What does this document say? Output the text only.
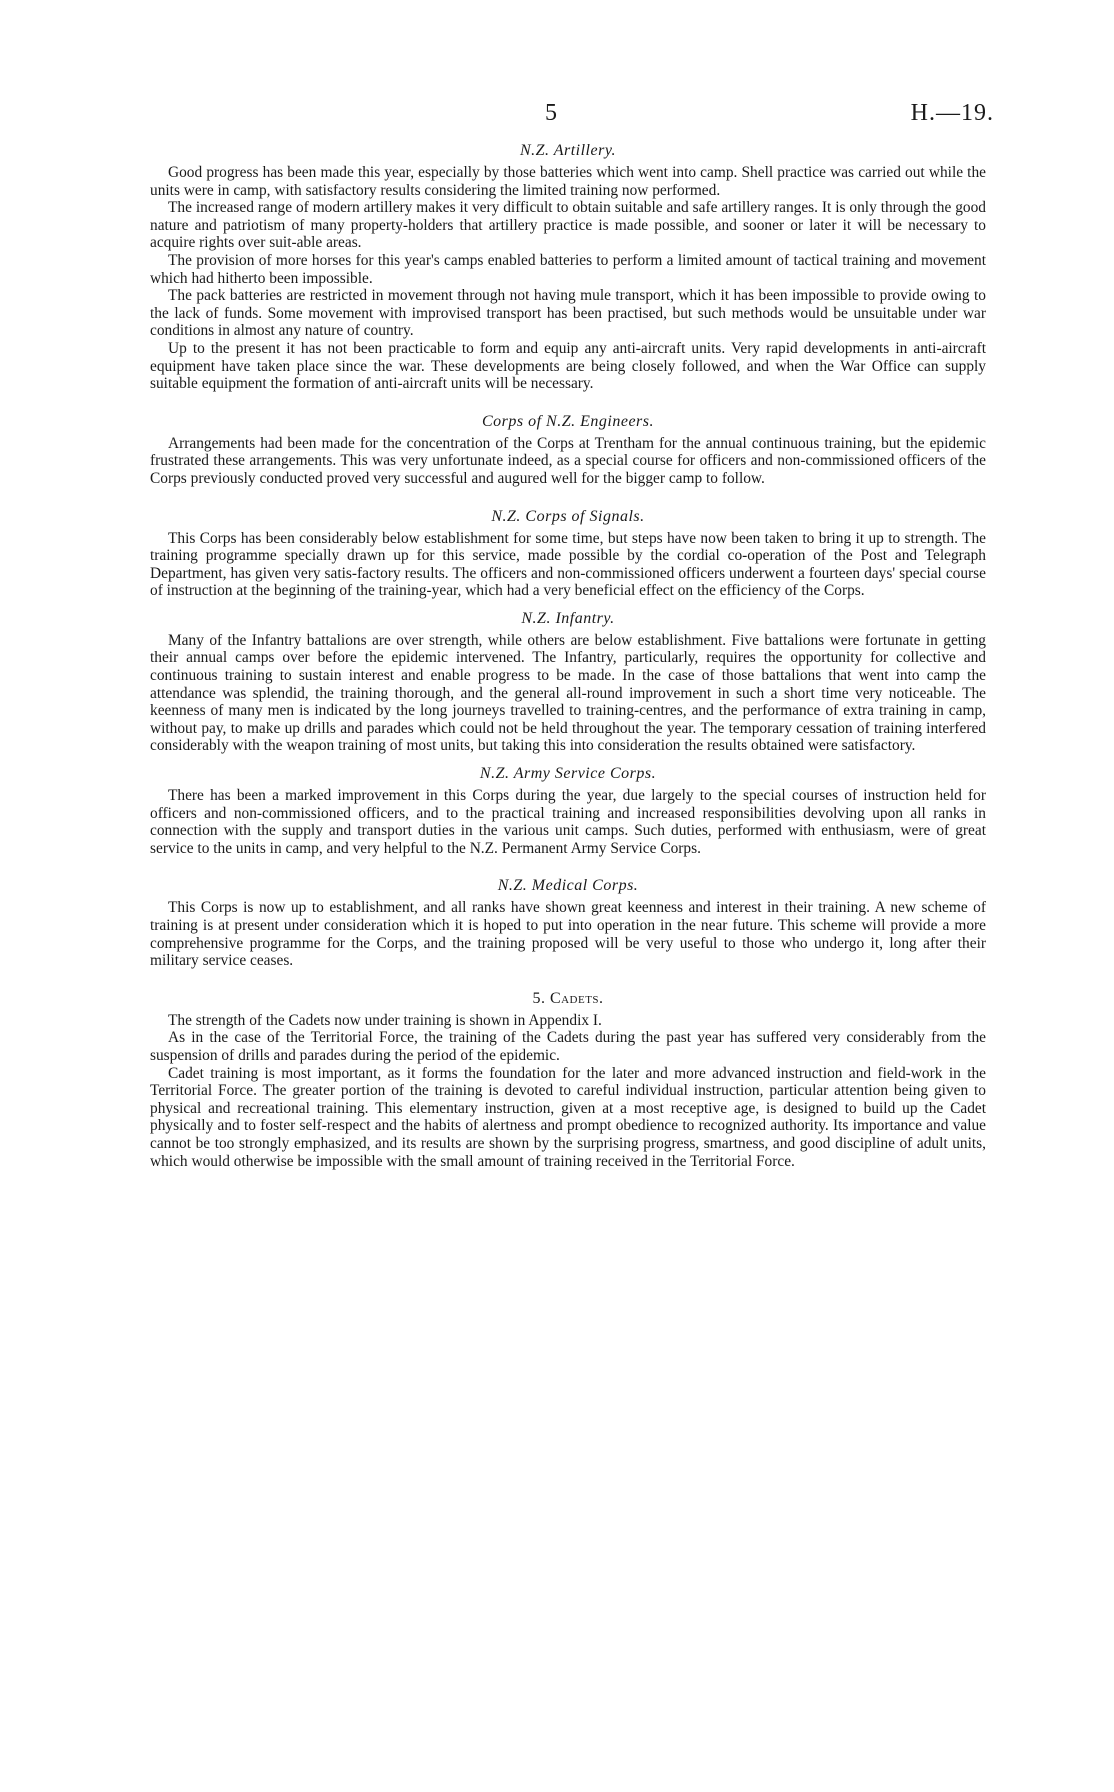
5	H.—19.
N.Z. Artillery.

Good progress has been made this year, especially by those batteries which went into camp. Shell practice was carried out while the units were in camp, with satisfactory results considering the limited training now performed.

The increased range of modern artillery makes it very difficult to obtain suitable and safe artillery ranges. It is only through the good nature and patriotism of many property-holders that artillery practice is made possible, and sooner or later it will be necessary to acquire rights over suit-able areas.

The provision of more horses for this year's camps enabled batteries to perform a limited amount of tactical training and movement which had hitherto been impossible.

The pack batteries are restricted in movement through not having mule transport, which it has been impossible to provide owing to the lack of funds. Some movement with improvised transport has been practised, but such methods would be unsuitable under war conditions in almost any nature of country.

Up to the present it has not been practicable to form and equip any anti-aircraft units. Very rapid developments in anti-aircraft equipment have taken place since the war. These developments are being closely followed, and when the War Office can supply suitable equipment the formation of anti-aircraft units will be necessary.

Corps of N.Z. Engineers.

Arrangements had been made for the concentration of the Corps at Trentham for the annual continuous training, but the epidemic frustrated these arrangements. This was very unfortunate indeed, as a special course for officers and non-commissioned officers of the Corps previously conducted proved very successful and augured well for the bigger camp to follow.

N.Z. Corps of Signals.

This Corps has been considerably below establishment for some time, but steps have now been taken to bring it up to strength. The training programme specially drawn up for this service, made possible by the cordial co-operation of the Post and Telegraph Department, has given very satis-factory results. The officers and non-commissioned officers underwent a fourteen days' special course of instruction at the beginning of the training-year, which had a very beneficial effect on the efficiency of the Corps.

N.Z. Infantry.

Many of the Infantry battalions are over strength, while others are below establishment. Five battalions were fortunate in getting their annual camps over before the epidemic intervened. The Infantry, particularly, requires the opportunity for collective and continuous training to sustain interest and enable progress to be made. In the case of those battalions that went into camp the attendance was splendid, the training thorough, and the general all-round improvement in such a short time very noticeable. The keenness of many men is indicated by the long journeys travelled to training-centres, and the performance of extra training in camp, without pay, to make up drills and parades which could not be held throughout the year. The temporary cessation of training interfered considerably with the weapon training of most units, but taking this into consideration the results obtained were satisfactory.

N.Z. Army Service Corps.

There has been a marked improvement in this Corps during the year, due largely to the special courses of instruction held for officers and non-commissioned officers, and to the practical training and increased responsibilities devolving upon all ranks in connection with the supply and transport duties in the various unit camps. Such duties, performed with enthusiasm, were of great service to the units in camp, and very helpful to the N.Z. Permanent Army Service Corps.

N.Z. Medical Corps.

This Corps is now up to establishment, and all ranks have shown great keenness and interest in their training. A new scheme of training is at present under consideration which it is hoped to put into operation in the near future. This scheme will provide a more comprehensive programme for the Corps, and the training proposed will be very useful to those who undergo it, long after their military service ceases.

5. Cadets.

The strength of the Cadets now under training is shown in Appendix I.

As in the case of the Territorial Force, the training of the Cadets during the past year has suffered very considerably from the suspension of drills and parades during the period of the epidemic.

Cadet training is most important, as it forms the foundation for the later and more advanced instruction and field-work in the Territorial Force. The greater portion of the training is devoted to careful individual instruction, particular attention being given to physical and recreational training. This elementary instruction, given at a most receptive age, is designed to build up the Cadet physically and to foster self-respect and the habits of alertness and prompt obedience to recognized authority. Its importance and value cannot be too strongly emphasized, and its results are shown by the surprising progress, smartness, and good discipline of adult units, which would otherwise be impossible with the small amount of training received in the Territorial Force.
